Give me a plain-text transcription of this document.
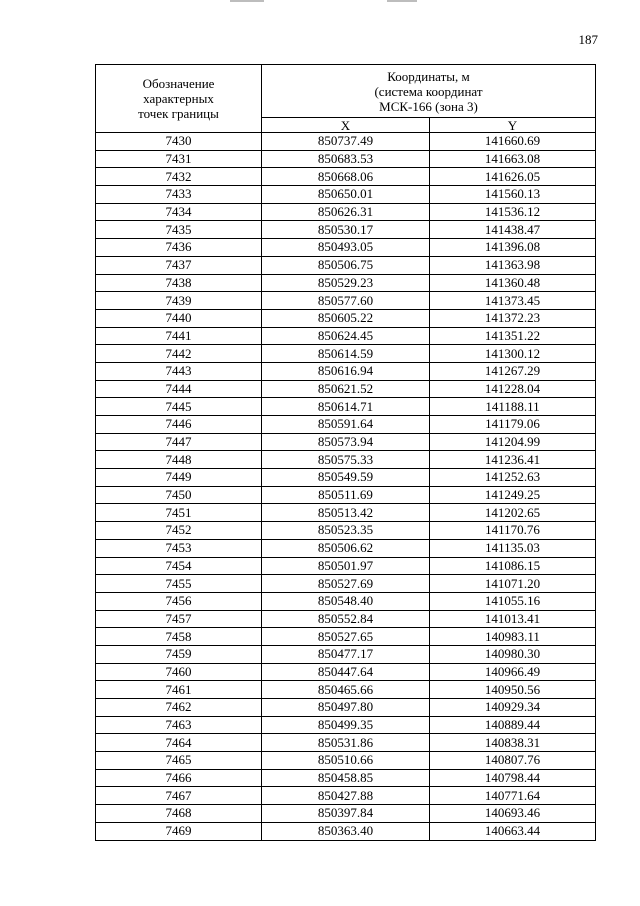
187
Обозначение
характерных
точек границы	Координаты, м
(система координат
МСК-166 (зона 3)	

	X	Y
7430	850737.49	141660.69
7431	850683.53	141663.08
7432	850668.06	141626.05
7433	850650.01	141560.13
7434	850626.31	141536.12
7435	850530.17	141438.47
7436	850493.05	141396.08
7437	850506.75	141363.98
7438	850529.23	141360.48
7439	850577.60	141373.45
7440	850605.22	141372.23
7441	850624.45	141351.22
7442	850614.59	141300.12
7443	850616.94	141267.29
7444	850621.52	141228.04
7445	850614.71	141188.11
7446	850591.64	141179.06
7447	850573.94	141204.99
7448	850575.33	141236.41
7449	850549.59	141252.63
7450	850511.69	141249.25
7451	850513.42	141202.65
7452	850523.35	141170.76
7453	850506.62	141135.03
7454	850501.97	141086.15
7455	850527.69	141071.20
7456	850548.40	141055.16
7457	850552.84	141013.41
7458	850527.65	140983.11
7459	850477.17	140980.30
7460	850447.64	140966.49
7461	850465.66	140950.56
7462	850497.80	140929.34
7463	850499.35	140889.44
7464	850531.86	140838.31
7465	850510.66	140807.76
7466	850458.85	140798.44
7467	850427.88	140771.64
7468	850397.84	140693.46
7469	850363.40	140663.44
